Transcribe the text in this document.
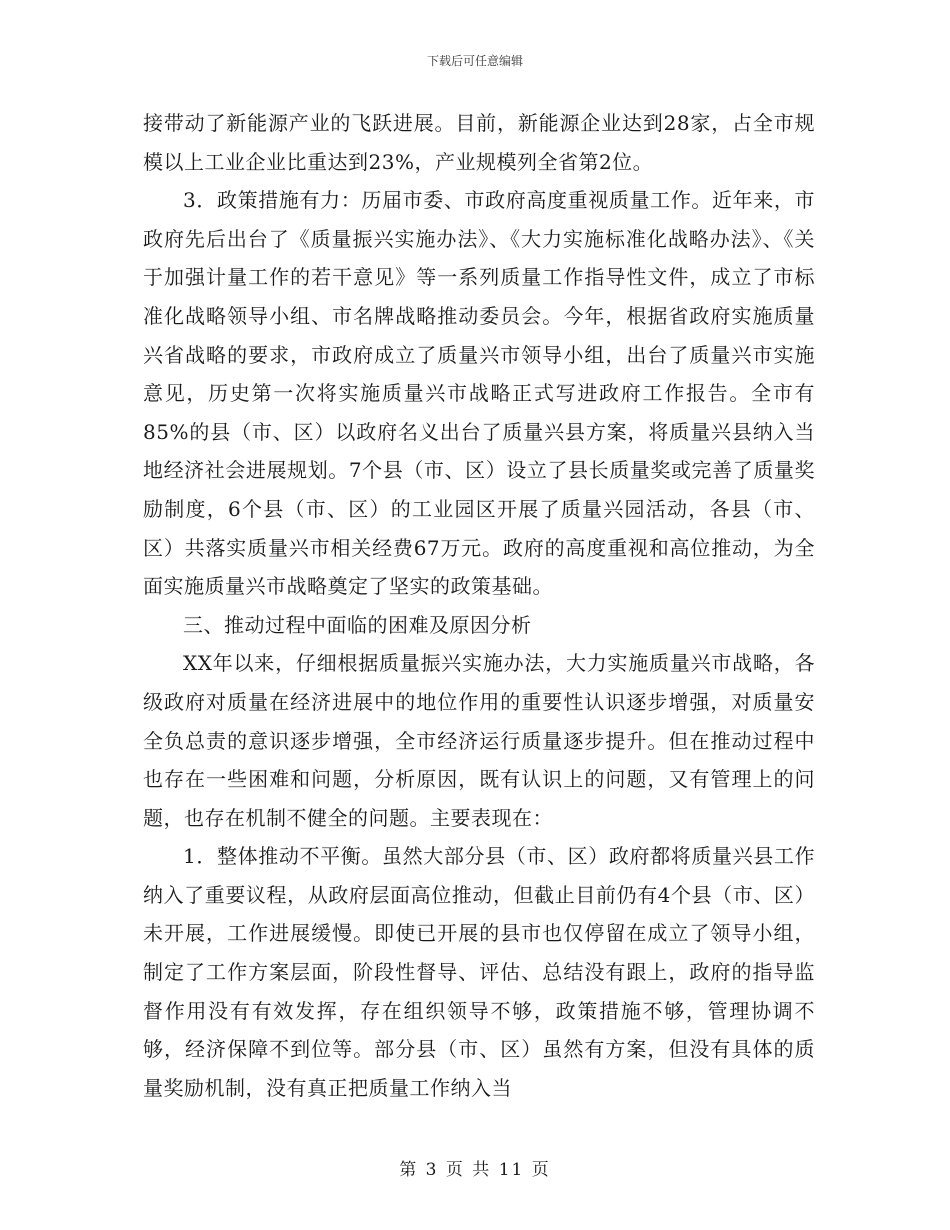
下载后可任意编辑

接带动了新能源产业的飞跃进展。目前，新能源企业达到28家，占全市规模以上工业企业比重达到23%，产业规模列全省第2位。

3．政策措施有力：历届市委、市政府高度重视质量工作。近年来，市政府先后出台了《质量振兴实施办法》、《大力实施标准化战略办法》、《关于加强计量工作的若干意见》等一系列质量工作指导性文件，成立了市标准化战略领导小组、市名牌战略推动委员会。今年，根据省政府实施质量兴省战略的要求，市政府成立了质量兴市领导小组，出台了质量兴市实施意见，历史第一次将实施质量兴市战略正式写进政府工作报告。全市有85%的县（市、区）以政府名义出台了质量兴县方案，将质量兴县纳入当地经济社会进展规划。7个县（市、区）设立了县长质量奖或完善了质量奖励制度，6个县（市、区）的工业园区开展了质量兴园活动，各县（市、区）共落实质量兴市相关经费67万元。政府的高度重视和高位推动，为全面实施质量兴市战略奠定了坚实的政策基础。

三、推动过程中面临的困难及原因分析

XX年以来，仔细根据质量振兴实施办法，大力实施质量兴市战略，各级政府对质量在经济进展中的地位作用的重要性认识逐步增强，对质量安全负总责的意识逐步增强，全市经济运行质量逐步提升。但在推动过程中也存在一些困难和问题，分析原因，既有认识上的问题，又有管理上的问题，也存在机制不健全的问题。主要表现在：

1．整体推动不平衡。虽然大部分县（市、区）政府都将质量兴县工作纳入了重要议程，从政府层面高位推动，但截止目前仍有4个县（市、区）未开展，工作进展缓慢。即使已开展的县市也仅停留在成立了领导小组，制定了工作方案层面，阶段性督导、评估、总结没有跟上，政府的指导监督作用没有有效发挥，存在组织领导不够，政策措施不够，管理协调不够，经济保障不到位等。部分县（市、区）虽然有方案，但没有具体的质量奖励机制，没有真正把质量工作纳入当

第 3 页 共 11 页
